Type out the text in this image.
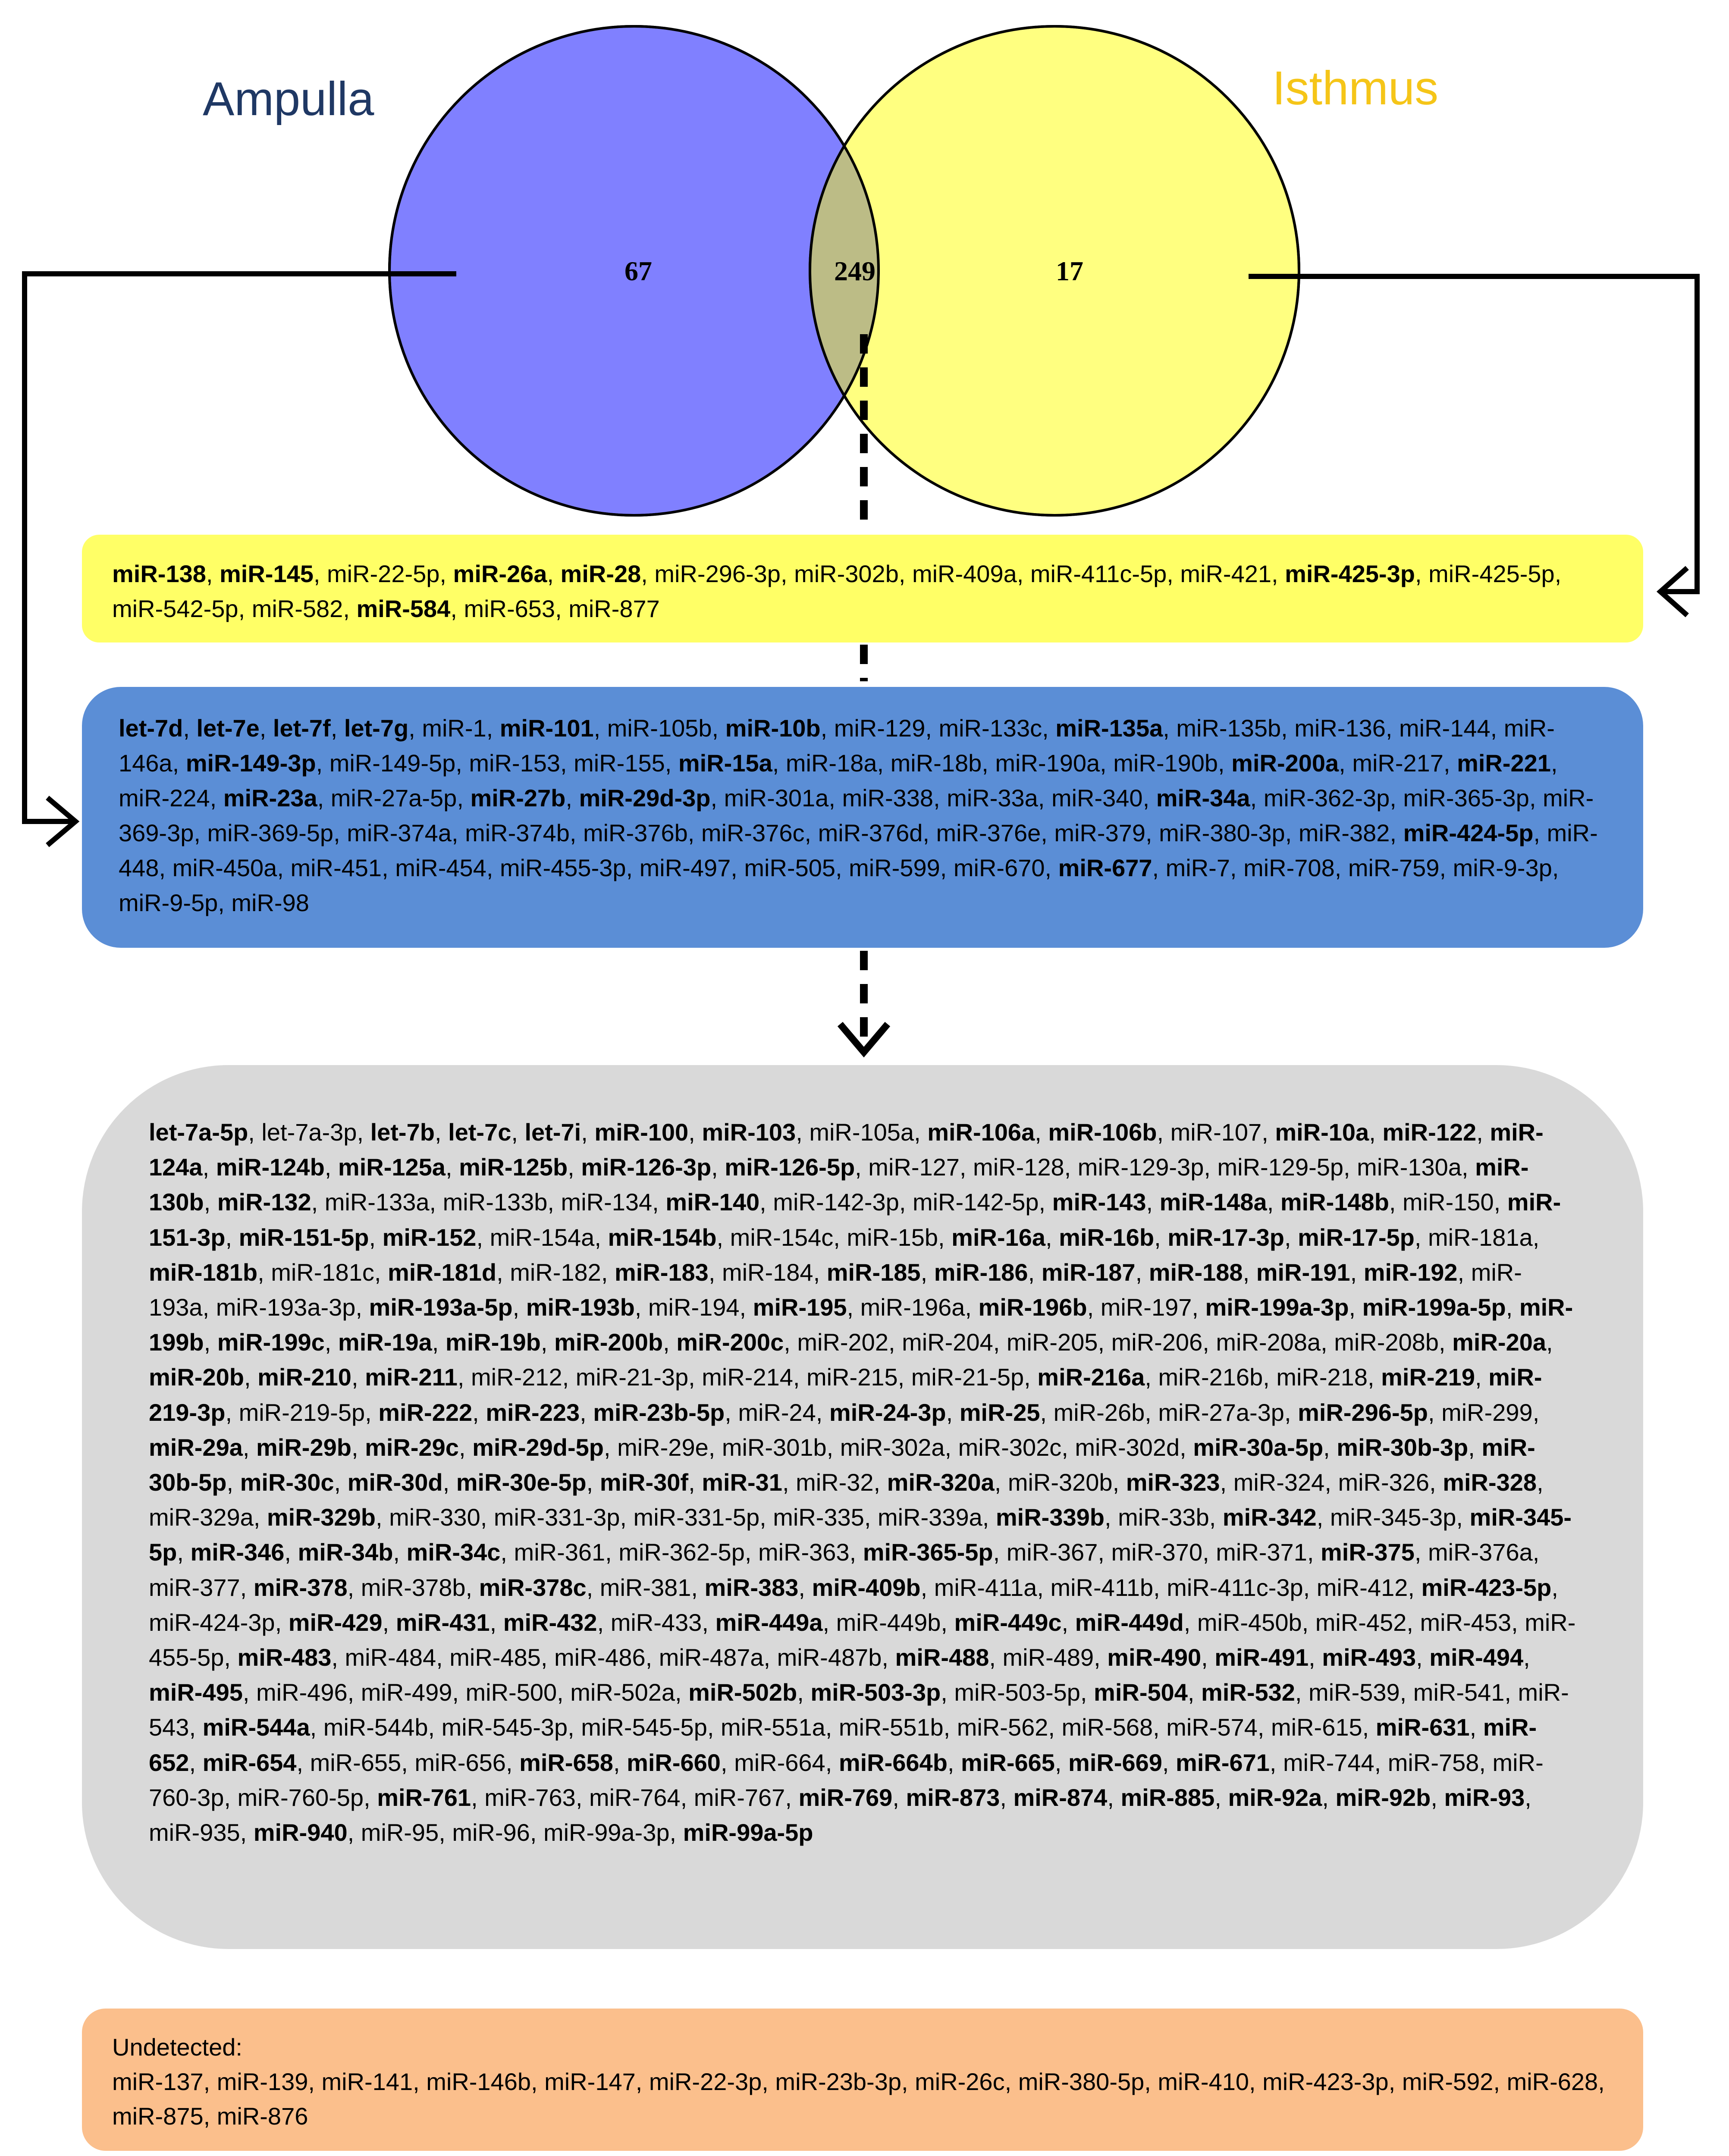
67	249	17
Ampulla	Isthmus
miR-138, miR-145, miR-22-5p, miR-26a, miR-28, miR-296-3p, miR-302b, miR-409a, miR-411c-5p, miR-421, miR-425-3p, miR-425-5p, miR-542-5p, miR-582, miR-584, miR-653, miR-877
let-7d, let-7e, let-7f, let-7g, miR-1, miR-101, miR-105b, miR-10b, miR-129, miR-133c, miR-135a, miR-135b, miR-136, miR-144, miR-146a, miR-149-3p, miR-149-5p, miR-153, miR-155, miR-15a, miR-18a, miR-18b, miR-190a, miR-190b, miR-200a, miR-217, miR-221, miR-224, miR-23a, miR-27a-5p, miR-27b, miR-29d-3p, miR-301a, miR-338, miR-33a, miR-340, miR-34a, miR-362-3p, miR-365-3p, miR-369-3p, miR-369-5p, miR-374a, miR-374b, miR-376b, miR-376c, miR-376d, miR-376e, miR-379, miR-380-3p, miR-382, miR-424-5p, miR-448, miR-450a, miR-451, miR-454, miR-455-3p, miR-497, miR-505, miR-599, miR-670, miR-677, miR-7, miR-708, miR-759, miR-9-3p, miR-9-5p, miR-98
let-7a-5p, let-7a-3p, let-7b, let-7c, let-7i, miR-100, miR-103, miR-105a, miR-106a, miR-106b, miR-107, miR-10a, miR-122, miR-124a, miR-124b, miR-125a, miR-125b, miR-126-3p, miR-126-5p, miR-127, miR-128, miR-129-3p, miR-129-5p, miR-130a, miR-130b, miR-132, miR-133a, miR-133b, miR-134, miR-140, miR-142-3p, miR-142-5p, miR-143, miR-148a, miR-148b, miR-150, miR-151-3p, miR-151-5p, miR-152, miR-154a, miR-154b, miR-154c, miR-15b, miR-16a, miR-16b, miR-17-3p, miR-17-5p, miR-181a, miR-181b, miR-181c, miR-181d, miR-182, miR-183, miR-184, miR-185, miR-186, miR-187, miR-188, miR-191, miR-192, miR-193a, miR-193a-3p, miR-193a-5p, miR-193b, miR-194, miR-195, miR-196a, miR-196b, miR-197, miR-199a-3p, miR-199a-5p, miR-199b, miR-199c, miR-19a, miR-19b, miR-200b, miR-200c, miR-202, miR-204, miR-205, miR-206, miR-208a, miR-208b, miR-20a, miR-20b, miR-210, miR-211, miR-212, miR-21-3p, miR-214, miR-215, miR-21-5p, miR-216a, miR-216b, miR-218, miR-219, miR-219-3p, miR-219-5p, miR-222, miR-223, miR-23b-5p, miR-24, miR-24-3p, miR-25, miR-26b, miR-27a-3p, miR-296-5p, miR-299, miR-29a, miR-29b, miR-29c, miR-29d-5p, miR-29e, miR-301b, miR-302a, miR-302c, miR-302d, miR-30a-5p, miR-30b-3p, miR-30b-5p, miR-30c, miR-30d, miR-30e-5p, miR-30f, miR-31, miR-32, miR-320a, miR-320b, miR-323, miR-324, miR-326, miR-328, miR-329a, miR-329b, miR-330, miR-331-3p, miR-331-5p, miR-335, miR-339a, miR-339b, miR-33b, miR-342, miR-345-3p, miR-345-5p, miR-346, miR-34b, miR-34c, miR-361, miR-362-5p, miR-363, miR-365-5p, miR-367, miR-370, miR-371, miR-375, miR-376a, miR-377, miR-378, miR-378b, miR-378c, miR-381, miR-383, miR-409b, miR-411a, miR-411b, miR-411c-3p, miR-412, miR-423-5p, miR-424-3p, miR-429, miR-431, miR-432, miR-433, miR-449a, miR-449b, miR-449c, miR-449d, miR-450b, miR-452, miR-453, miR-455-5p, miR-483, miR-484, miR-485, miR-486, miR-487a, miR-487b, miR-488, miR-489, miR-490, miR-491, miR-493, miR-494, miR-495, miR-496, miR-499, miR-500, miR-502a, miR-502b, miR-503-3p, miR-503-5p, miR-504, miR-532, miR-539, miR-541, miR-543, miR-544a, miR-544b, miR-545-3p, miR-545-5p, miR-551a, miR-551b, miR-562, miR-568, miR-574, miR-615, miR-631, miR-652, miR-654, miR-655, miR-656, miR-658, miR-660, miR-664, miR-664b, miR-665, miR-669, miR-671, miR-744, miR-758, miR-760-3p, miR-760-5p, miR-761, miR-763, miR-764, miR-767, miR-769, miR-873, miR-874, miR-885, miR-92a, miR-92b, miR-93, miR-935, miR-940, miR-95, miR-96, miR-99a-3p, miR-99a-5p
Undetected:
miR-137, miR-139, miR-141, miR-146b, miR-147, miR-22-3p, miR-23b-3p, miR-26c, miR-380-5p, miR-410, miR-423-3p, miR-592, miR-628, miR-875, miR-876
